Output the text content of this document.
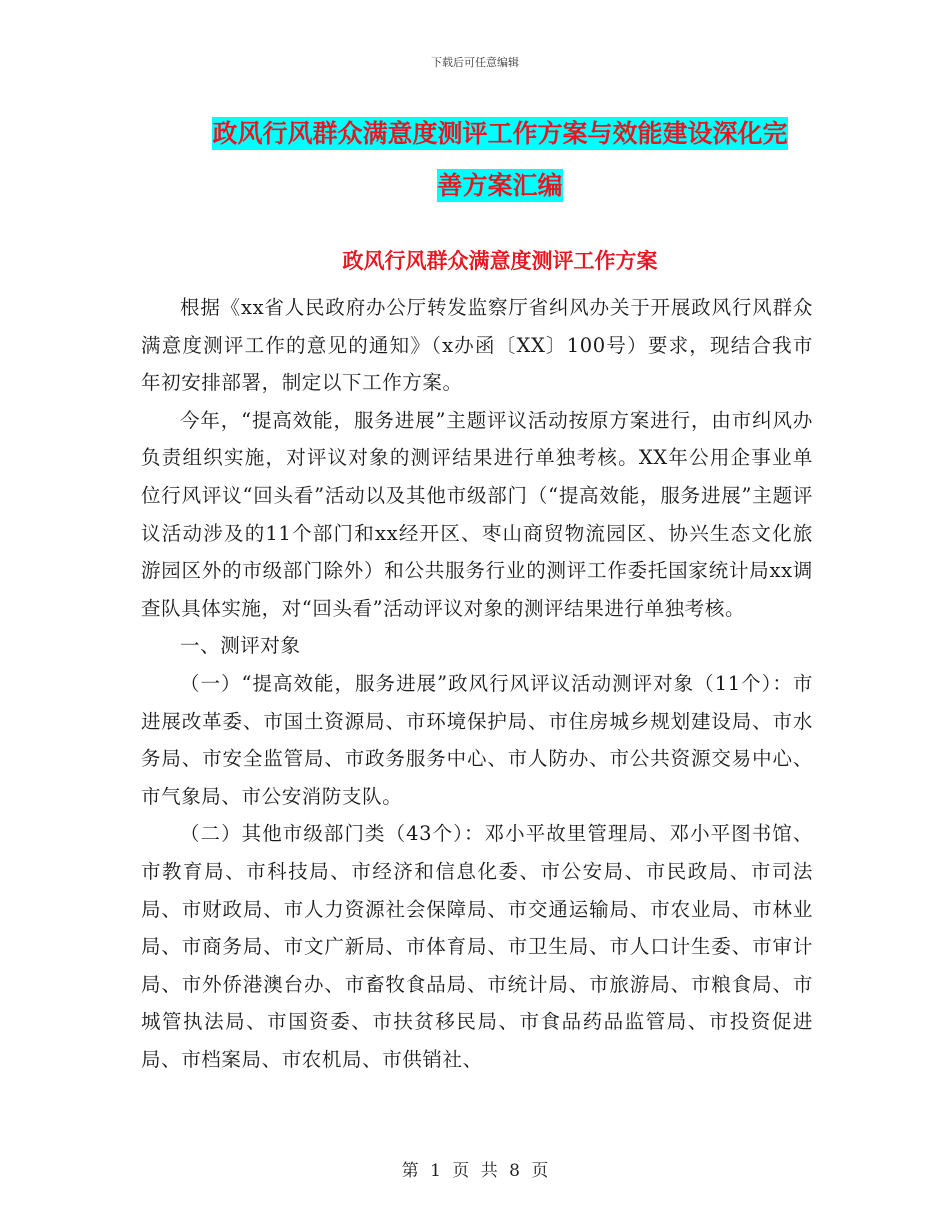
下载后可任意编辑
政风行风群众满意度测评工作方案与效能建设深化完
善方案汇编
政风行风群众满意度测评工作方案

根据《xx省人民政府办公厅转发监察厅省纠风办关于开展政风行风群众满意度测评工作的意见的通知》（x办函〔XX〕100号）要求，现结合我市年初安排部署，制定以下工作方案。

今年，“提高效能，服务进展”主题评议活动按原方案进行，由市纠风办负责组织实施，对评议对象的测评结果进行单独考核。XX年公用企事业单位行风评议“回头看”活动以及其他市级部门（“提高效能，服务进展”主题评议活动涉及的11个部门和xx经开区、枣山商贸物流园区、协兴生态文化旅游园区外的市级部门除外）和公共服务行业的测评工作委托国家统计局xx调查队具体实施，对“回头看”活动评议对象的测评结果进行单独考核。

一、测评对象

（一）“提高效能，服务进展”政风行风评议活动测评对象（11个）：市进展改革委、市国土资源局、市环境保护局、市住房城乡规划建设局、市水务局、市安全监管局、市政务服务中心、市人防办、市公共资源交易中心、市气象局、市公安消防支队。

（二）其他市级部门类（43个）：邓小平故里管理局、邓小平图书馆、市教育局、市科技局、市经济和信息化委、市公安局、市民政局、市司法局、市财政局、市人力资源社会保障局、市交通运输局、市农业局、市林业局、市商务局、市文广新局、市体育局、市卫生局、市人口计生委、市审计局、市外侨港澳台办、市畜牧食品局、市统计局、市旅游局、市粮食局、市城管执法局、市国资委、市扶贫移民局、市食品药品监管局、市投资促进局、市档案局、市农机局、市供销社、

第 1 页 共 8 页
